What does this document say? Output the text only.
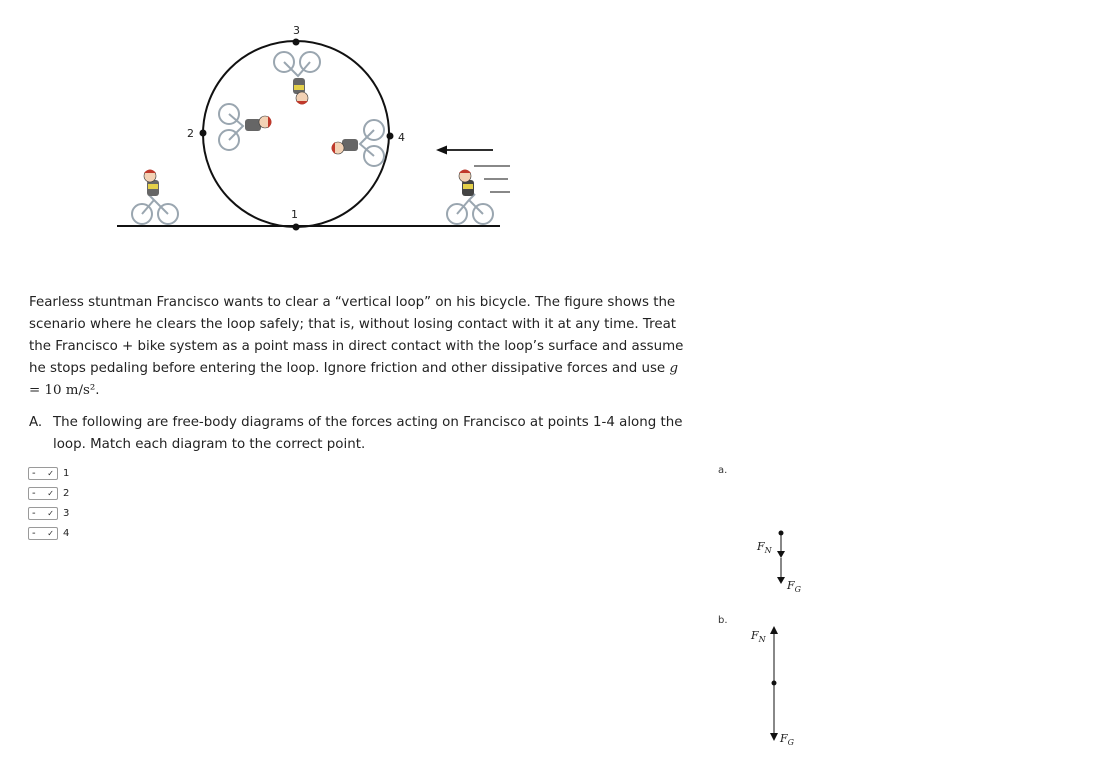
1
2
3
4

Fearless stuntman Francisco wants to clear a “vertical loop” on his bicycle. The figure shows the scenario where he clears the loop safely; that is, without losing contact with it at any time. Treat the Francisco + bike system as a point mass in direct contact with the loop’s surface and assume he stops pedaling before entering the loop. Ignore friction and other dissipative forces and use g = 10 m/s².

A. The following are free-body diagrams of the forces acting on Francisco at points 1-4 along the loop. Match each diagram to the correct point.
- ✓ 1
- ✓ 2
- ✓ 3
- ✓ 4
a.
$F_N$
$F_G$
b.
$F_N$
$F_G$
